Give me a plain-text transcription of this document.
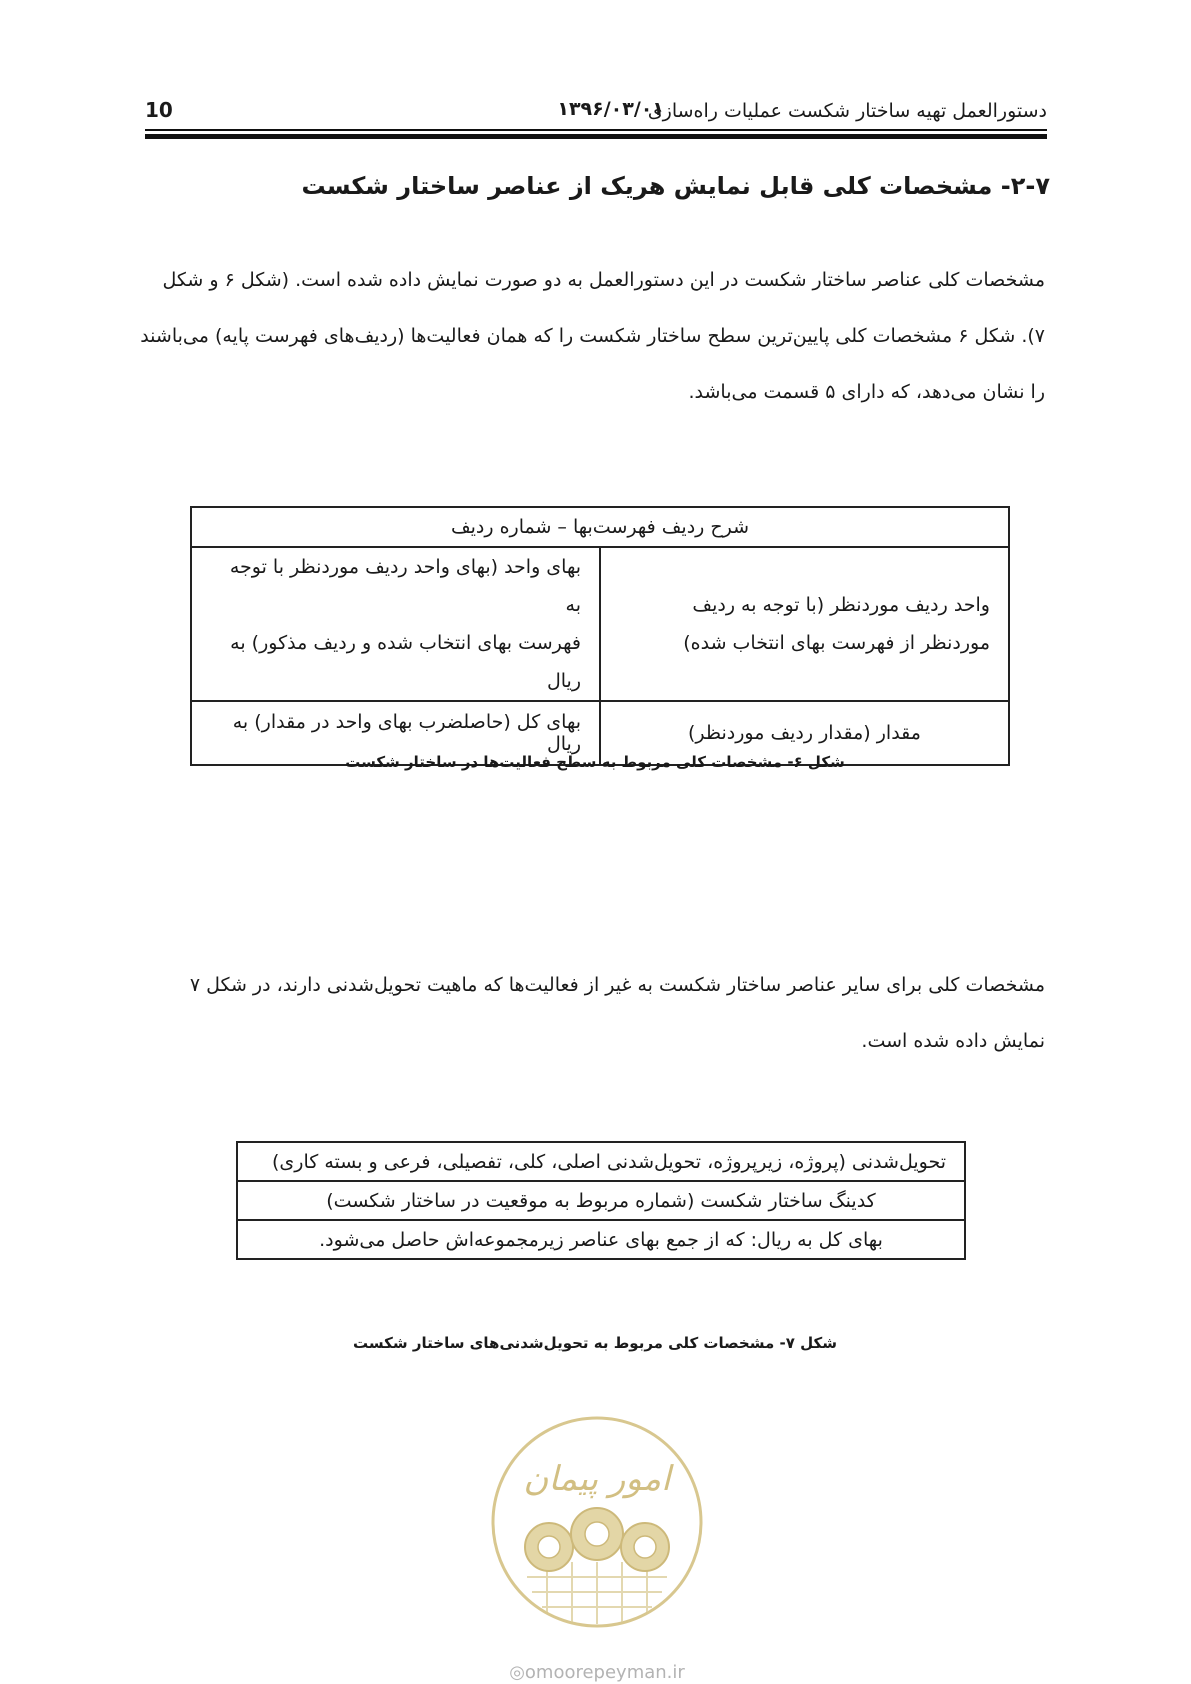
دستورالعمل تهیه ساختار شکست عملیات راه‌سازی
۱۳۹۶/۰۳/۰۱
10
۲-۷- مشخصات کلی قابل نمایش هریک از عناصر ساختار شکست
مشخصات کلی عناصر ساختار شکست در این دستورالعمل به دو صورت نمایش داده شده است. (شکل ۶ و شکل
۷). شکل ۶ مشخصات کلی پایین‌ترین سطح ساختار شکست را که همان فعالیت‌ها (ردیف‌های فهرست پایه) می‌باشند
را نشان می‌دهد، که دارای ۵ قسمت می‌باشد.
شرح ردیف فهرست‌بها – شماره ردیف	
واحد ردیف موردنظر (با توجه به ردیف
موردنظر از فهرست بهای انتخاب شده)	بهای واحد (بهای واحد ردیف موردنظر با توجه به
فهرست بهای انتخاب شده و ردیف مذکور) به ریال
مقدار (مقدار ردیف موردنظر)	بهای کل (حاصلضرب بهای واحد در مقدار) به ریال
شکل ۶- مشخصات کلی مربوط به سطح فعالیت‌ها در ساختار شکست
مشخصات کلی برای سایر عناصر ساختار شکست به غیر از فعالیت‌ها که ماهیت تحویل‌شدنی دارند، در شکل ۷
نمایش داده شده است.
تحویل‌شدنی (پروژه، زیرپروژه، تحویل‌شدنی اصلی، کلی، تفصیلی، فرعی و بسته کاری)
کدینگ ساختار شکست (شماره مربوط به موقعیت در ساختار شکست)
بهای کل به ریال: که از جمع بهای عناصر زیرمجموعه‌اش حاصل می‌شود.
شکل ۷- مشخصات کلی مربوط به تحویل‌شدنی‌های ساختار شکست
امور پیمان
◎omoorepeyman.ir
